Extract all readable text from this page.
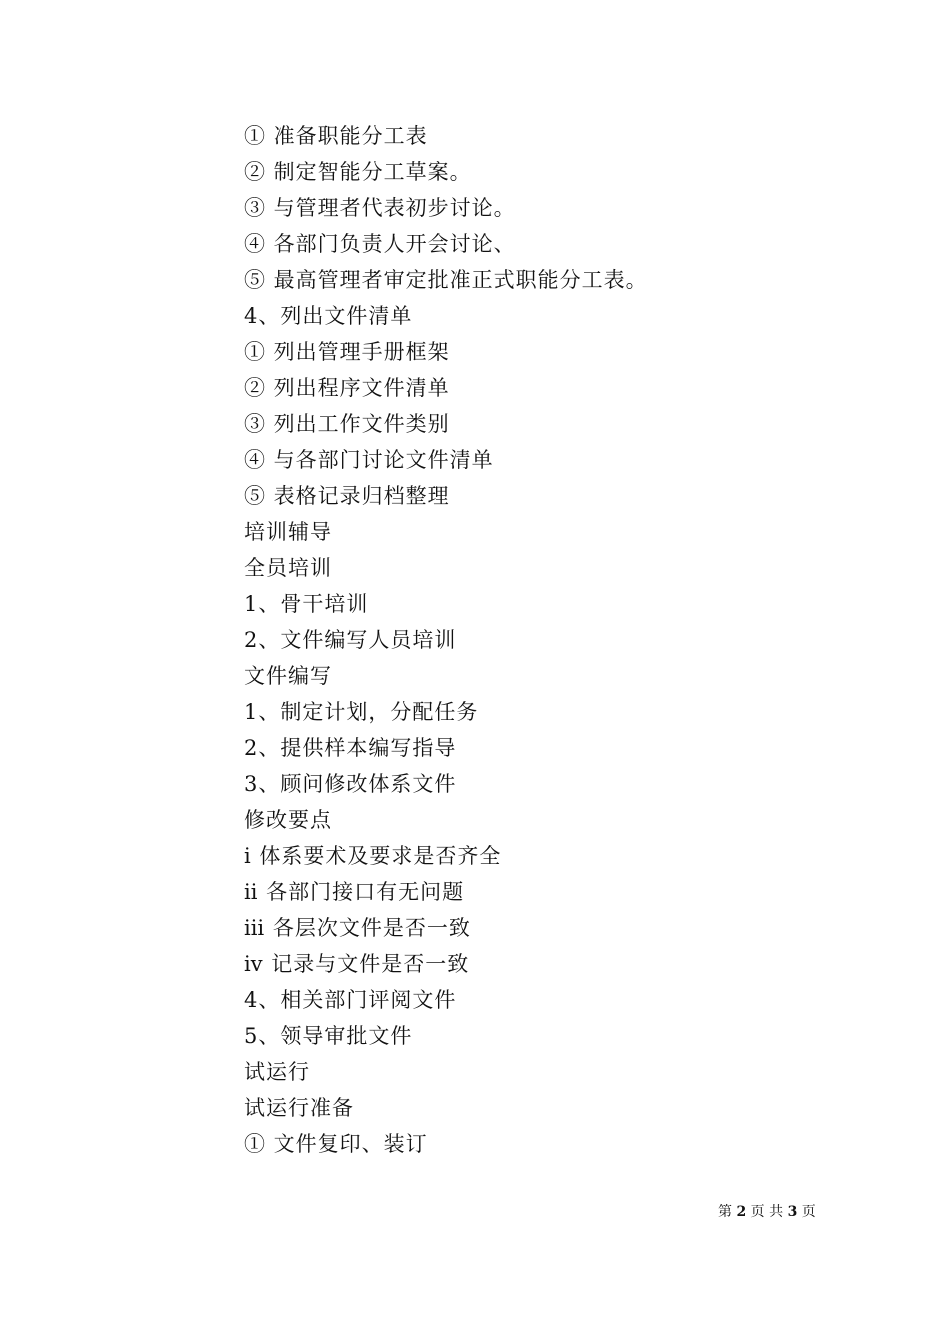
① 准备职能分工表
② 制定智能分工草案。
③ 与管理者代表初步讨论。
④ 各部门负责人开会讨论、
⑤ 最高管理者审定批准正式职能分工表。
4、列出文件清单
① 列出管理手册框架
② 列出程序文件清单
③ 列出工作文件类别
④ 与各部门讨论文件清单
⑤ 表格记录归档整理
培训辅导
全员培训
1、骨干培训
2、文件编写人员培训
文件编写
1、制定计划，分配任务
2、提供样本编写指导
3、顾问修改体系文件
修改要点
ⅰ 体系要术及要求是否齐全
ⅱ 各部门接口有无问题
ⅲ 各层次文件是否一致
ⅳ 记录与文件是否一致
4、相关部门评阅文件
5、领导审批文件
试运行
试运行准备
① 文件复印、装订
第 2 页 共 3 页
